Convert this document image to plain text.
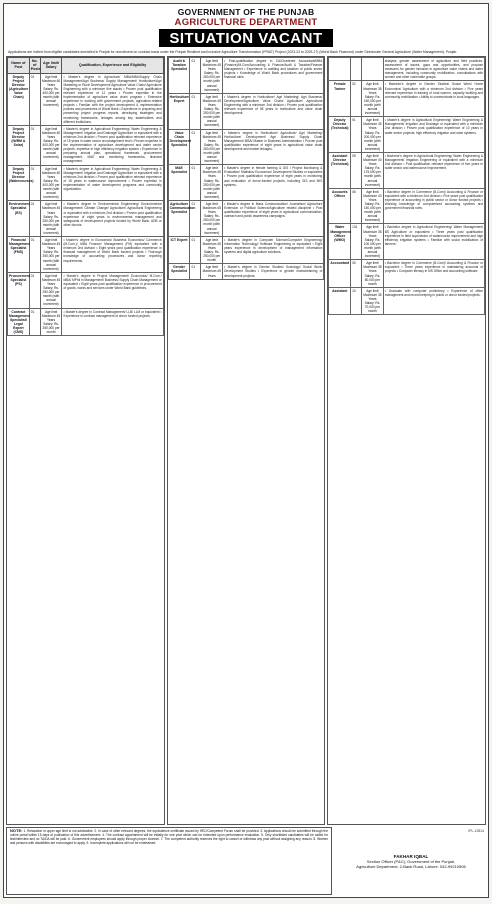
GOVERNMENT OF THE PUNJAB
AGRICULTURE DEPARTMENT
SITUATION VACANT
Applications are invited from eligible candidates domiciled in Punjab for recruitment on contract basis under the Punjab Resilient and Inclusive Agriculture Transformation (PRIAT) Project (2023-24 to 2029-27) (World Bank Financed) under Directorate General Agriculture (Water Management), Punjab.
Name of Post	No. of Posts	Age limit/ Salary	Qualification, Experience and Eligibility
Deputy Project Director (Agriculture Value Chain)	01	Age limit Maximum 60 Years Salary: Rs. 400,000 per month (with annual increment)	• Master's degree in Agriculture/ MBA/MBA/Supply Chain Management/Agri Business/ Supply Management/ Horticulture/Agri Marketing or Rural Development/ Agriculture Value Chain/ Agriculture Engineering with a minimum five stacks • Proven post qualification relevant experience of 12 years • Proven expertise in the implementation of agriculture value chain program • Extensive experience in working with government projects, agriculture-related projects • Familiar with the project development & implementation policies and procedures of World Bank • Experience in preparing and presenting project progress reports, developing strategies and monitoring frameworks, linkages among key stakeholders and different institutions.
Deputy Project Director (IWRM & Solar)	01	Age limit Maximum 60 Years Salary: Rs. 400,000 per month (with annual increment)	• Master's degree in Agricultural Engineering/ Water Engineering & Management/ Irrigation and Drainage/ Agriculture or equivalent with a minimum 2nd division • Proven post qualification relevant experience of 15 years in water sector at management level • Proven expertise in the implementation of agriculture development and water sector projects, expertise in high efficiency irrigation system • Experience in preparing annual plan, operational framework, procurement management, M&E and monitoring frameworks, financial management.
Deputy Project Director (Watercourses)	01	Age limit Maximum 60 Years Salary: Rs. 400,000 per month (with annual increment)	• Master's degree in Agricultural Engineering/ Water Engineering & Management/ Irrigation and Drainage/ Agriculture or equivalent with a minimum 2nd division • Proven post qualification relevant experience of 15 years in watercourse improvement • Proven expertise in implementation of water development programs and community organization.
Environment Specialist (ES)	01	Age limit Maximum 45 Years Salary: Rs. 250,000 per month (with annual increment)	• Master's degree in Environmental Engineering/ Environmental Management/ Climate Change/ Agriculture/ Agricultural Engineering or equivalent with a minimum 2nd division • Proven post qualification experience of eight years in environmental management and safeguards of development projects funded by World Bank, ADB or other donors.
Financial Management Specialist (FMS)	01	Age limit Maximum 45 Years Salary: Rs. 250,000 per month (with annual increment)	• Master's degree in Economics/ Business Economics/ Commerce (M.Com.)/ MBA Finance/ Management (FM) equivalent with a minimum 2nd division • Eight years post qualification experience in financial management of World Bank funded projects • Thorough knowledge of accounting procedures and donor reporting requirements.
Procurement Specialist (PS)	01	Age limit Maximum 45 Years Salary: Rs. 250,000 per month (with annual increment)	• Master's degree in Project Management/ Economics/ M.Com./ MBA/ MPhil in Management/ Business/ Supply Chain Management or equivalent • Eight years post qualification experience in procurement of goods, works and services under World Bank guidelines.
Contract Management Specialist/ Legal Expert (CMS)	01	Age limit Maximum 45 Years Salary: Rs. 250,000 per month	• Master's degree in Contract Management/ LLB/ LLM or equivalent • Experience in contract management of donor funded projects.
Audit & Taxation Specialist	01	Age limit Maximum 45 Years Salary: Rs. 250,000 per month (with annual increment)	• Post-qualification degree in CA/Chartered Accountant/MBA (Finance)/M.Com/Accounting & Finance/Audit & Taxation/Finance Management • Experience in auditing and taxation of public sector projects • Knowledge of World Bank procedures and government financial rules.
Horticulture Expert	01	Age limit Maximum 45 Years Salary: Rs. 250,000 per month (with annual increment)	• Master's degree in Horticulture/ Agri Marketing/ Agri Business/ Development/Agriculture Value Chain/ Agriculture/ Agricultural Engineering with a minimum 2nd division • Proven post qualification relevant experience of 08 years in horticulture and value chain development.
Value Chain Development Specialist	01	Age limit Maximum 45 Years Salary: Rs. 250,000 per month (with annual increment)	• Master's degree in Horticulture/ Agriculture/ Agri Marketing/ Horticulture/ Development/ Agri Business/ Supply Chain Management/ MBA/ Master in Business Administration • Proven post qualification experience of eight years in agricultural value chain development and market linkages.
M&E Specialist	01	Age limit Maximum 45 Years Salary: Rs. 250,000 per month (with annual increment)	• Master's degree in female farming & GIS / Project Monitoring & Evaluation/ Statistics/ Economics/ Development Studies or equivalent • Proven post qualification experience of eight years in monitoring and evaluation of donor-funded projects, including GIS and MIS systems.
Agriculture Communication Specialist	01	Age limit Maximum 45 Years Salary: Rs. 250,000 per month (with annual increment)	• Master's degree in Mass Communication/ Journalism/ Agriculture Extension or Political Science/Agriculture related discipline • Post qualification experience of eight years in agricultural communication, outreach and public awareness campaigns.
ICT Expert	01	Age limit Maximum 45 Years Salary: Rs. 250,000 per month	• Master's degree in Computer Science/Computer Engineering/ Information Technology/ Software Engineering or equivalent • Eight years experience in development of management information systems and digital agriculture solutions.
Gender Specialist	01	Age limit Maximum 45 Years	• Master's degree in Gender Studies/ Sociology/ Social Work/ Development Studies • Experience in gender mainstreaming of development projects.
			analysis, gender assessment of agriculture and field practices, assessment of issues, gaps and opportunities, and propose measures for gender inclusion in agriculture value chains and water management, including community mobilization, consultations with women and other vulnerable groups.
Female Trainer	02	Age limit Maximum 35 Years Salary: Rs. 150,000 per month (with annual increment)	• Bachelor's degree in Gender Studies/ Social Work/ Home Economics/ Agriculture with a minimum 2nd division • Five years relevant experience in training of rural women, capacity building and community mobilization • Ability to communicate in local languages.
Deputy Director (Technical)	01	Age limit Maximum 45 Years Salary: Rs. 200,000 per month (with annual increment)	• Master's degree in Agricultural Engineering/ Water Engineering & Management/ Irrigation and Drainage or equivalent with a minimum 2nd division • Proven post qualification experience of 10 years in water sector projects, high efficiency irrigation and solar systems.
Assistant Director (Technical)	05	Age limit Maximum 40 Years Salary: Rs. 175,000 per month (with annual increment)	• Bachelor's degree in Agricultural Engineering/ Water Engineering & Management/ Irrigation Engineering or equivalent with a minimum 2nd division • Post qualification relevant experience of five years in water sector and watercourse improvement.
Accounts Officer	06	Age limit Maximum 40 Years Salary: Rs. 150,000 per month (with annual increment)	• Bachelor degree in Commerce (B.Com)/ Accounting & Finance or equivalent with a minimum 2nd division • Five years post qualification experience of accounting in public sector or donor funded projects • Working knowledge of computerized accounting systems and government financial rules.
Water Management Officer (WMO)	131	Age limit Maximum 35 Years Salary: Rs. 100,000 per month (with annual increment)	• Bachelor degree in Agricultural Engineering/ Water Management/ BS Agriculture or equivalent • Three years post qualification experience in field supervision of watercourse improvement and high efficiency irrigation systems • Familiar with social mobilization of farmers.
Accountant	30	Age limit Maximum 35 Years Salary: Rs. 80,000 per month	• Bachelor degree in Commerce (B.Com)/ Accounting & Finance or equivalent • Three years experience in maintaining accounts of projects • Computer literacy in MS Office and accounting software.
Assistant	10	Age limit Maximum 35 Years Salary: Rs. 70,000 per month	• Graduate with computer proficiency • Experience of office management and record keeping in public or donor funded projects.
NOTE: 1. Relaxation in upper age limit is not admissible. 2. In case of other relevant degrees, the equivalence certificate issued by HEC/Competent Forum shall be provided. 3. Applications should be submitted through the online portal within 15 days of publication of this advertisement. 4. The contract appointment will be initially for one year which can be extended upon performance evaluation. 5. Only shortlisted candidates will be called for test/interview and no TA/DA will be paid. 6. Government employees should apply through proper channel. 7. The competent authority reserves the right to cancel or withdraw any post without assigning any reason. 8. Women and persons with disabilities are encouraged to apply. 9. Incomplete applications will not be entertained.
FAKHAR IQBAL
Section Officer (P&C), Government of the Punjab,
Agriculture Department, 2-Bank Road, Lahore. 042-99210506
IPL-12814
